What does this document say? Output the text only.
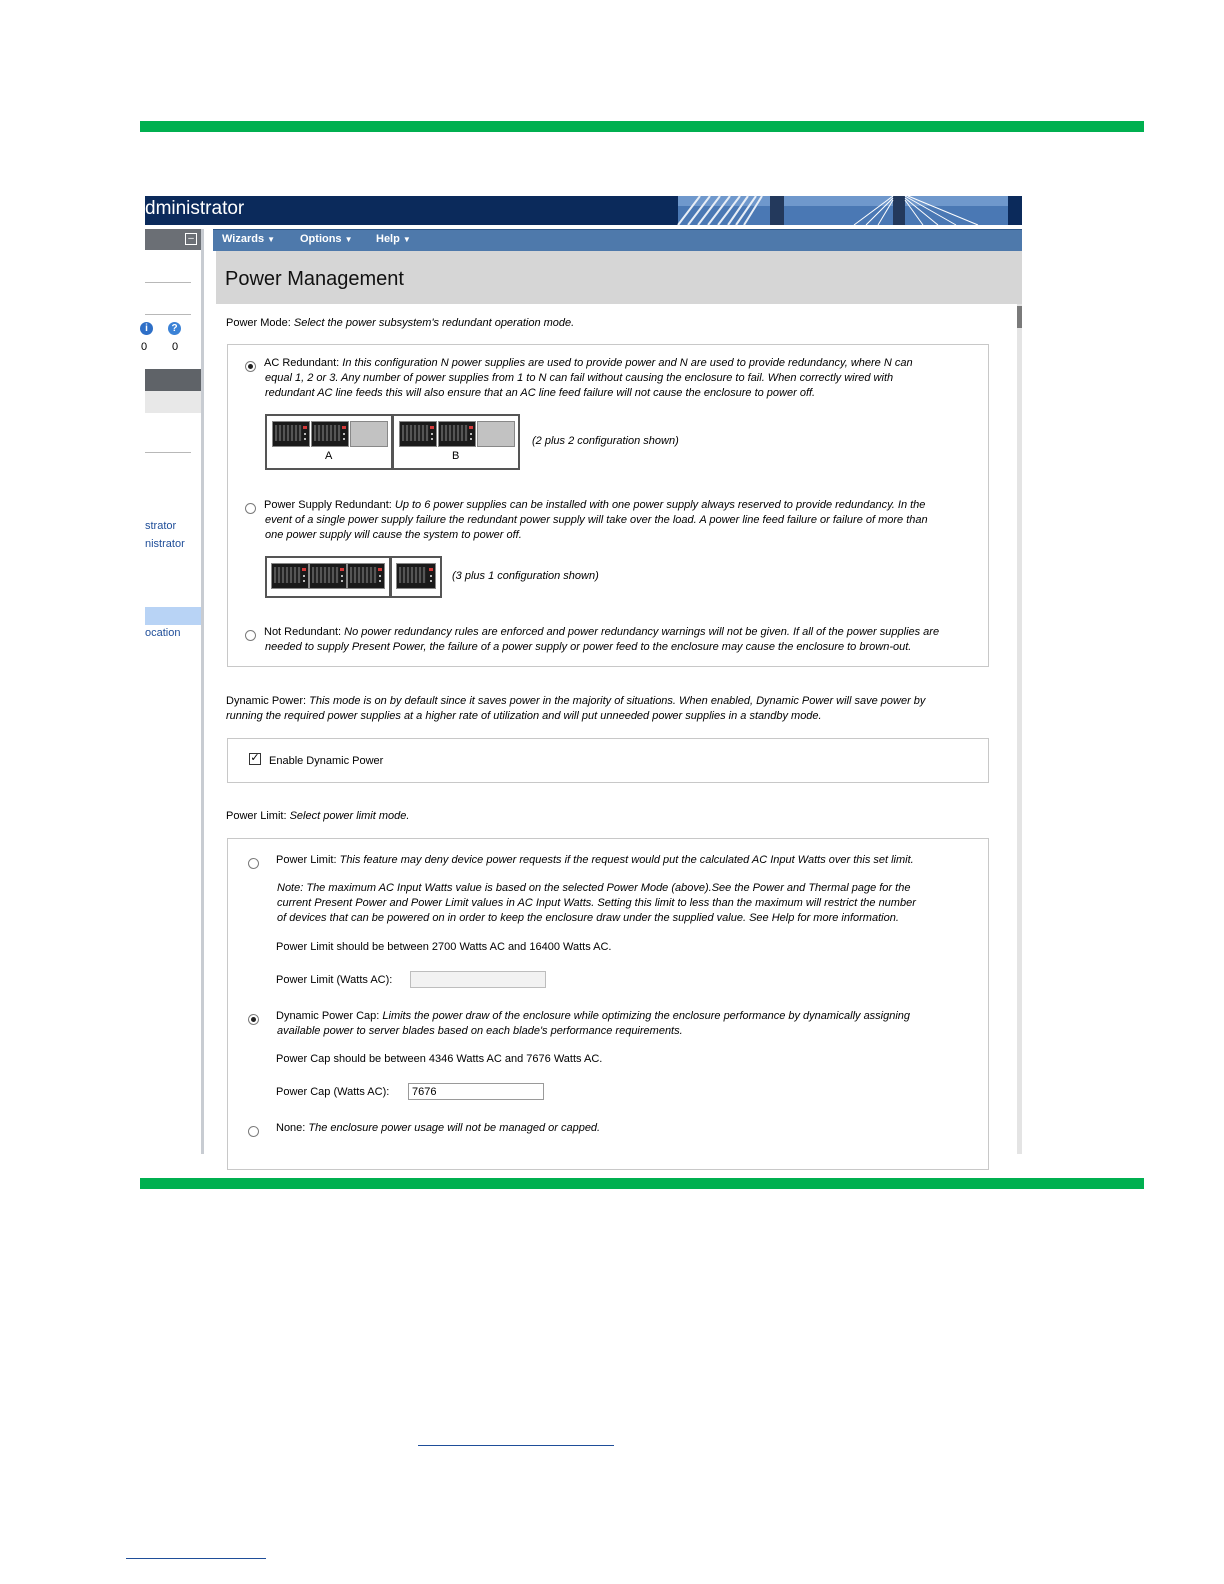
dministrator
–
i	?
0 0
strator
nistrator
ocation
Wizards ▼ Options ▼ Help ▼
Power Management
Power Mode: Select the power subsystem's redundant operation mode.
AC Redundant: In this configuration N power supplies are used to provide power and N are used to provide redundancy, where N can
equal 1, 2 or 3. Any number of power supplies from 1 to N can fail without causing the enclosure to fail. When correctly wired with
redundant AC line feeds this will also ensure that an AC line feed failure will not cause the enclosure to power off.
A	B
(2 plus 2 configuration shown)
Power Supply Redundant: Up to 6 power supplies can be installed with one power supply always reserved to provide redundancy. In the
event of a single power supply failure the redundant power supply will take over the load. A power line feed failure or failure of more than
one power supply will cause the system to power off.
(3 plus 1 configuration shown)
Not Redundant: No power redundancy rules are enforced and power redundancy warnings will not be given. If all of the power supplies are
needed to supply Present Power, the failure of a power supply or power feed to the enclosure may cause the enclosure to brown-out.
Dynamic Power: This mode is on by default since it saves power in the majority of situations. When enabled, Dynamic Power will save power by
running the required power supplies at a higher rate of utilization and will put unneeded power supplies in a standby mode.
✓ Enable Dynamic Power
Power Limit: Select power limit mode.
Power Limit: This feature may deny device power requests if the request would put the calculated AC Input Watts over this set limit.
Note: The maximum AC Input Watts value is based on the selected Power Mode (above).See the Power and Thermal page for the
current Present Power and Power Limit values in AC Input Watts. Setting this limit to less than the maximum will restrict the number
of devices that can be powered on in order to keep the enclosure draw under the supplied value. See Help for more information.
Power Limit should be between 2700 Watts AC and 16400 Watts AC.
Power Limit (Watts AC):
Dynamic Power Cap: Limits the power draw of the enclosure while optimizing the enclosure performance by dynamically assigning
available power to server blades based on each blade's performance requirements.
Power Cap should be between 4346 Watts AC and 7676 Watts AC.
Power Cap (Watts AC):	7676
None: The enclosure power usage will not be managed or capped.
